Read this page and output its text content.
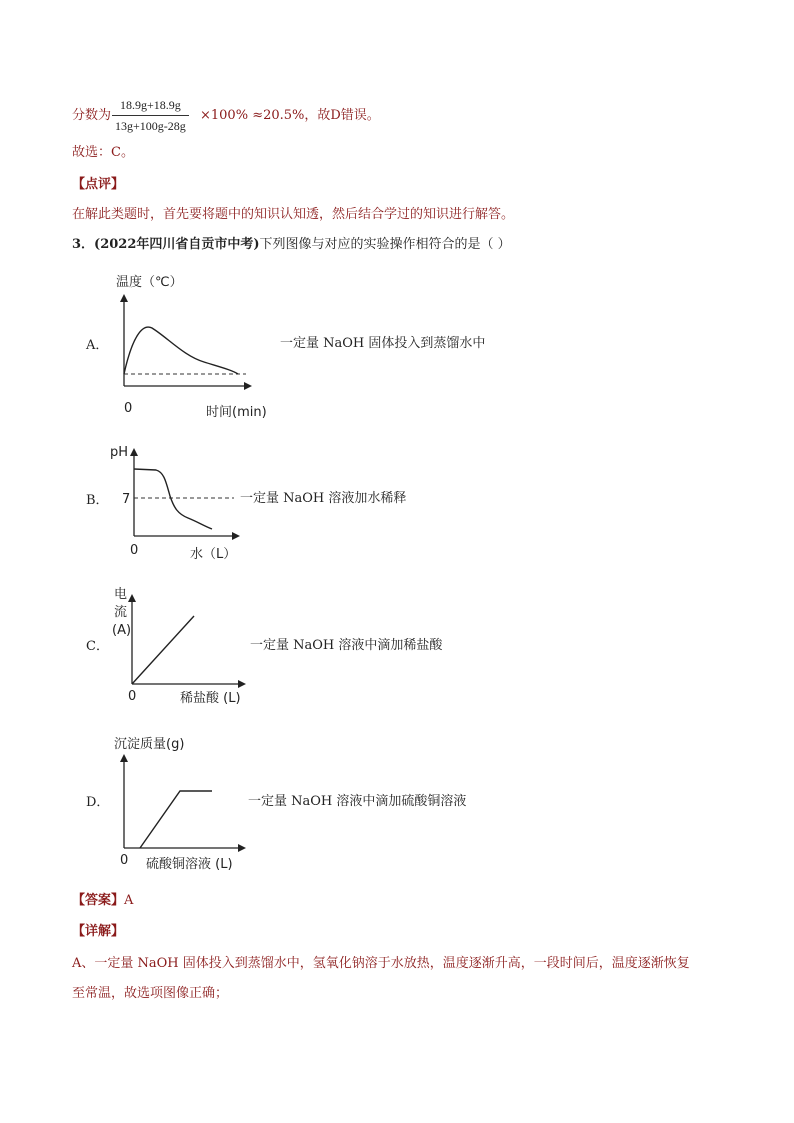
分数为 $\frac{18.9g+18.9g}{13g+100g-28g} \times 100\% \approx 20.5\%$，故D错误。
故选：C。
【点评】
在解此类题时，首先要将题中的知识认知透，然后结合学过的知识进行解答。
3．(2022年四川省自贡市中考)下列图像与对应的实验操作相符合的是（ ）
A．	一定量 NaOH 固体投入到蒸馏水中
温度（℃）
0	时间(min)
B．	一定量 NaOH 溶液加水稀释
pH
7
0	水（L）
C．	一定量 NaOH 溶液中滴加稀盐酸
电
流
(A)
0	稀盐酸 (L)
D．	一定量 NaOH 溶液中滴加硫酸铜溶液
沉淀质量(g)
0 硫酸铜溶液 (L)
【答案】A
【详解】
A、一定量 NaOH 固体投入到蒸馏水中，氢氧化钠溶于水放热，温度逐渐升高，一段时间后，温度逐渐恢复
至常温，故选项图像正确；
